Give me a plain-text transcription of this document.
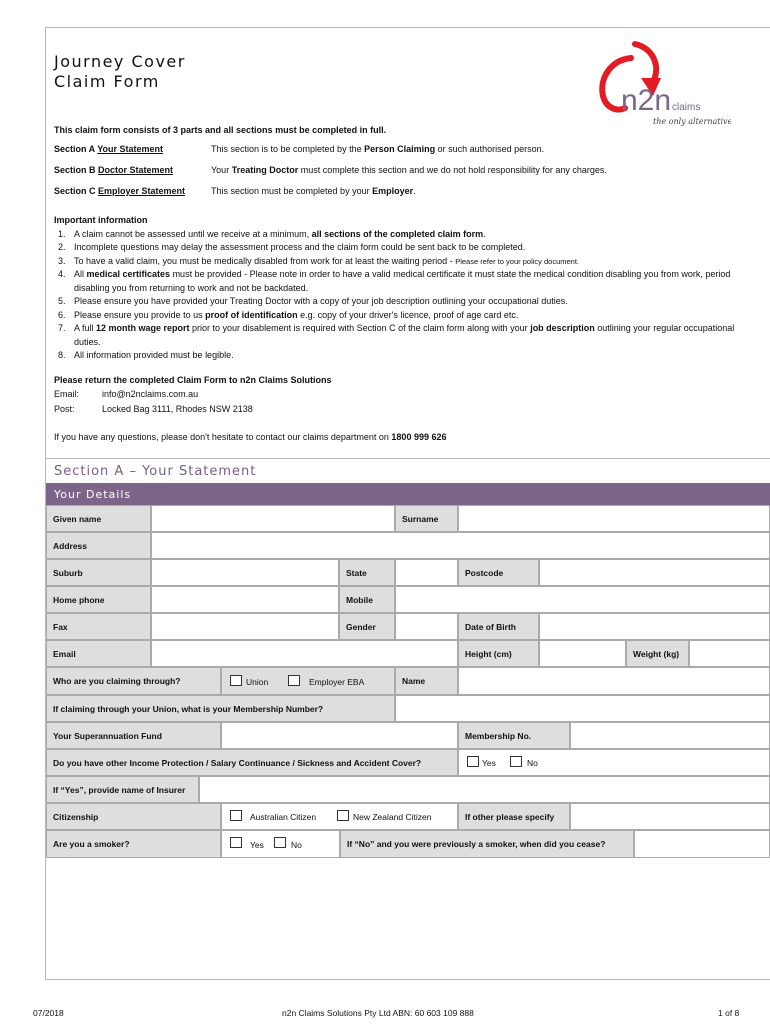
Journey Cover
Claim Form
n2n claims
the only alternative
This claim form consists of 3 parts and all sections must be completed in full.
Section A Your Statement	This section is to be completed by the Person Claiming or such authorised person.
Section B Doctor Statement	Your Treating Doctor must complete this section and we do not hold responsibility for any charges.
Section C Employer Statement	This section must be completed by your Employer.
Important information
1. A claim cannot be assessed until we receive at a minimum, all sections of the completed claim form.
2. Incomplete questions may delay the assessment process and the claim form could be sent back to be completed.
3. To have a valid claim, you must be medically disabled from work for at least the waiting period - Please refer to your policy document.
4. All medical certificates must be provided - Please note in order to have a valid medical certificate it must state the medical condition disabling you from work, period disabling you from returning to work and not be backdated.
5. Please ensure you have provided your Treating Doctor with a copy of your job description outlining your occupational duties.
6. Please ensure you provide to us proof of identification e.g. copy of your driver's licence, proof of age card etc.
7. A full 12 month wage report prior to your disablement is required with Section C of the claim form along with your job description outlining your regular occupational duties.
8. All information provided must be legible.
Please return the completed Claim Form to n2n Claims Solutions
Email:	info@n2nclaims.com.au
Post:	Locked Bag 3111, Rhodes NSW 2138
If you have any questions, please don't hesitate to contact our claims department on 1800 999 626
Section A – Your Statement
Your Details
Given name	Surname
Address
Suburb	State	Postcode
Home phone	Mobile
Fax	Gender	Date of Birth
Email	Height (cm)	Weight (kg)
Who are you claiming through?	Union	Employer EBA	Name
If claiming through your Union, what is your Membership Number?
Your Superannuation Fund	Membership No.
Do you have other Income Protection / Salary Continuance / Sickness and Accident Cover?	Yes	No
If “Yes”, provide name of Insurer
Citizenship	Australian Citizen	New Zealand Citizen	If other please specify
Are you a smoker?	Yes	No	If “No” and you were previously a smoker, when did you cease?
07/2018	n2n Claims Solutions Pty Ltd ABN: 60 603 109 888	1 of 8
